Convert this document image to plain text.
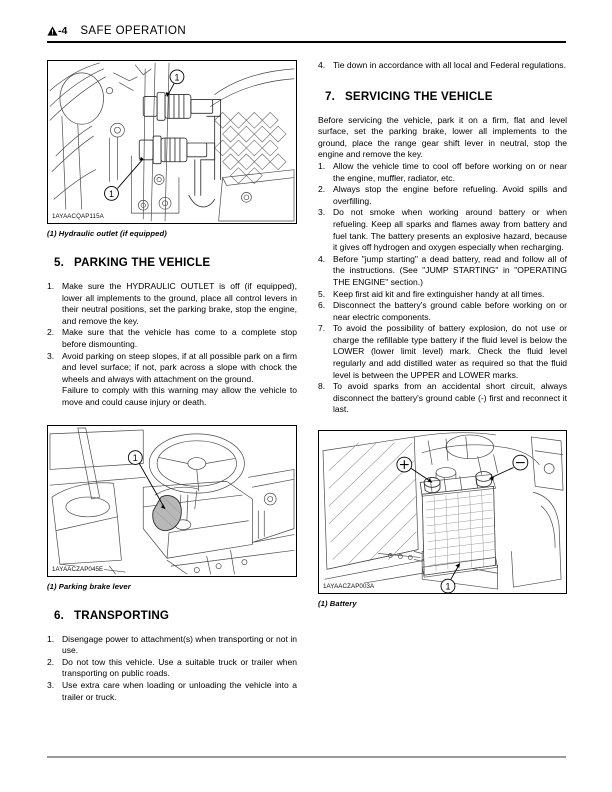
-4 SAFE OPERATION
1
1
1AYAACQAP115A
(1) Hydraulic outlet (if equipped)
5. PARKING THE VEHICLE
1. Make sure the HYDRAULIC OUTLET is off (if equipped), lower all implements to the ground, place all control levers in their neutral positions, set the parking brake, stop the engine, and remove the key.
2. Make sure that the vehicle has come to a complete stop before dismounting.
3. Avoid parking on steep slopes, if at all possible park on a firm and level surface; if not, park across a slope with chock the wheels and always with attachment on the ground.
Failure to comply with this warning may allow the vehicle to move and could cause injury or death.
1
1AYAACZAP045E
(1) Parking brake lever
6. TRANSPORTING
1. Disengage power to attachment(s) when transporting or not in use.
2. Do not tow this vehicle. Use a suitable truck or trailer when transporting on public roads.
3. Use extra care when loading or unloading the vehicle into a trailer or truck.
4. Tie down in accordance with all local and Federal regulations.
7. SERVICING THE VEHICLE
Before servicing the vehicle, park it on a firm, flat and level surface, set the parking brake, lower all implements to the ground, place the range gear shift lever in neutral, stop the engine and remove the key.
1. Allow the vehicle time to cool off before working on or near the engine, muffler, radiator, etc.
2. Always stop the engine before refueling. Avoid spills and overfilling.
3. Do not smoke when working around battery or when refueling. Keep all sparks and flames away from battery and fuel tank. The battery presents an explosive hazard, because it gives off hydrogen and oxygen especially when recharging.
4. Before "jump starting" a dead battery, read and follow all of the instructions. (See "JUMP STARTING" in "OPERATING THE ENGINE" section.)
5. Keep first aid kit and fire extinguisher handy at all times.
6. Disconnect the battery's ground cable before working on or near electric components.
7. To avoid the possibility of battery explosion, do not use or charge the refillable type battery if the fluid level is below the LOWER (lower limit level) mark. Check the fluid level regularly and add distilled water as required so that the fluid level is between the UPPER and LOWER marks.
8. To avoid sparks from an accidental short circuit, always disconnect the battery's ground cable (-) first and reconnect it last.
1
1AYAACZAP003A
(1) Battery
